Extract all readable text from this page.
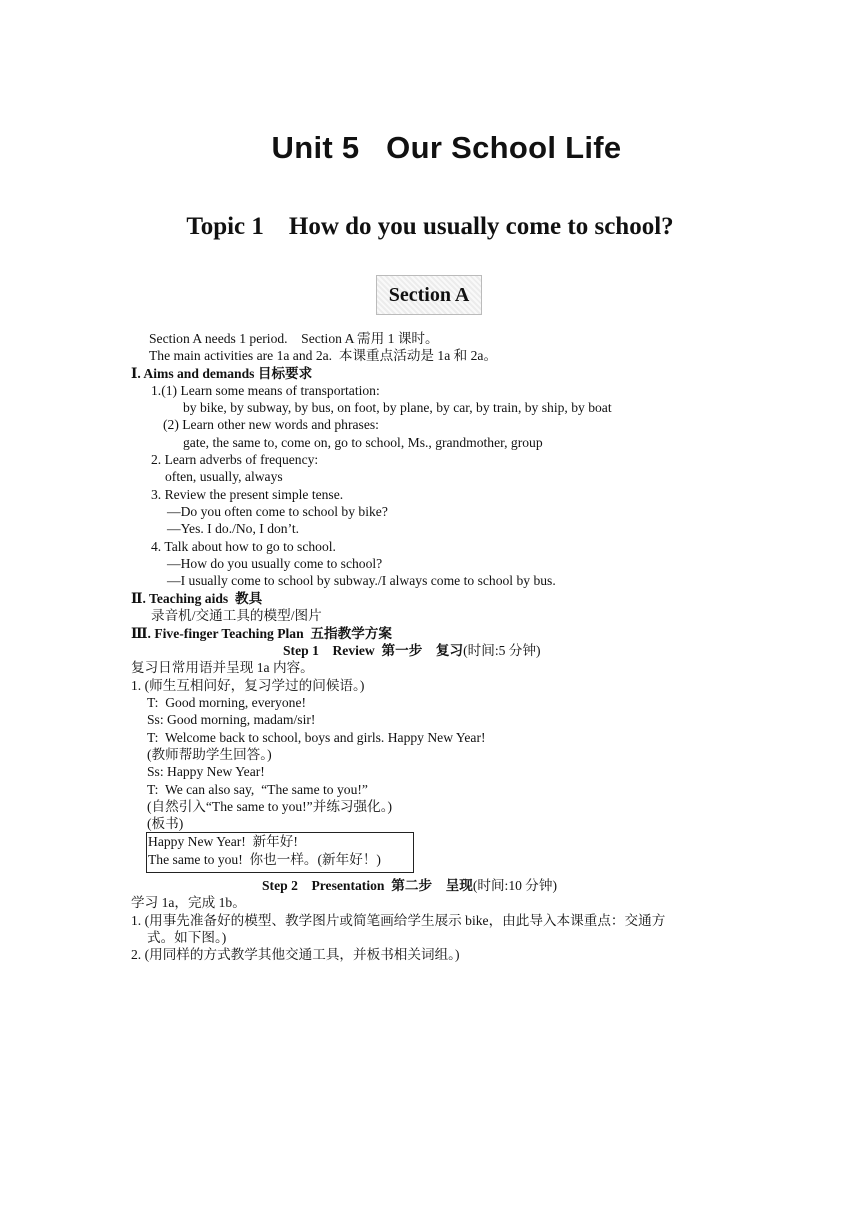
Unit 5   Our School Life
Topic 1    How do you usually come to school?
Section A
Section A needs 1 period.    Section A 需用 1 课时。
The main activities are 1a and 2a.  本课重点活动是 1a 和 2a。
Ⅰ. Aims and demands 目标要求
1.(1) Learn some means of transportation:
by bike, by subway, by bus, on foot, by plane, by car, by train, by ship, by boat
(2) Learn other new words and phrases:
gate, the same to, come on, go to school, Ms., grandmother, group
2. Learn adverbs of frequency:
often, usually, always
3. Review the present simple tense.
—Do you often come to school by bike?
—Yes. I do./No, I don’t.
4. Talk about how to go to school.
—How do you usually come to school?
—I usually come to school by subway./I always come to school by bus.
Ⅱ. Teaching aids  教具
录音机/交通工具的模型/图片
Ⅲ. Five-finger Teaching Plan  五指教学方案
Step 1    Review  第一步    复习(时间:5 分钟)
复习日常用语并呈现 1a 内容。
1. (师生互相问好，复习学过的问候语。)
T:  Good morning, everyone!
Ss: Good morning, madam/sir!
T:  Welcome back to school, boys and girls. Happy New Year!
(教师帮助学生回答。)
Ss: Happy New Year!
T:  We can also say,  “The same to you!”
(自然引入“The same to you!”并练习强化。)
(板书)
Happy New Year!  新年好!
The same to you!  你也一样。(新年好！)
Step 2    Presentation  第二步    呈现(时间:10 分钟)
学习 1a，完成 1b。
1. (用事先准备好的模型、教学图片或简笔画给学生展示 bike，由此导入本课重点：交通方
式。如下图。)
2. (用同样的方式教学其他交通工具，并板书相关词组。)
